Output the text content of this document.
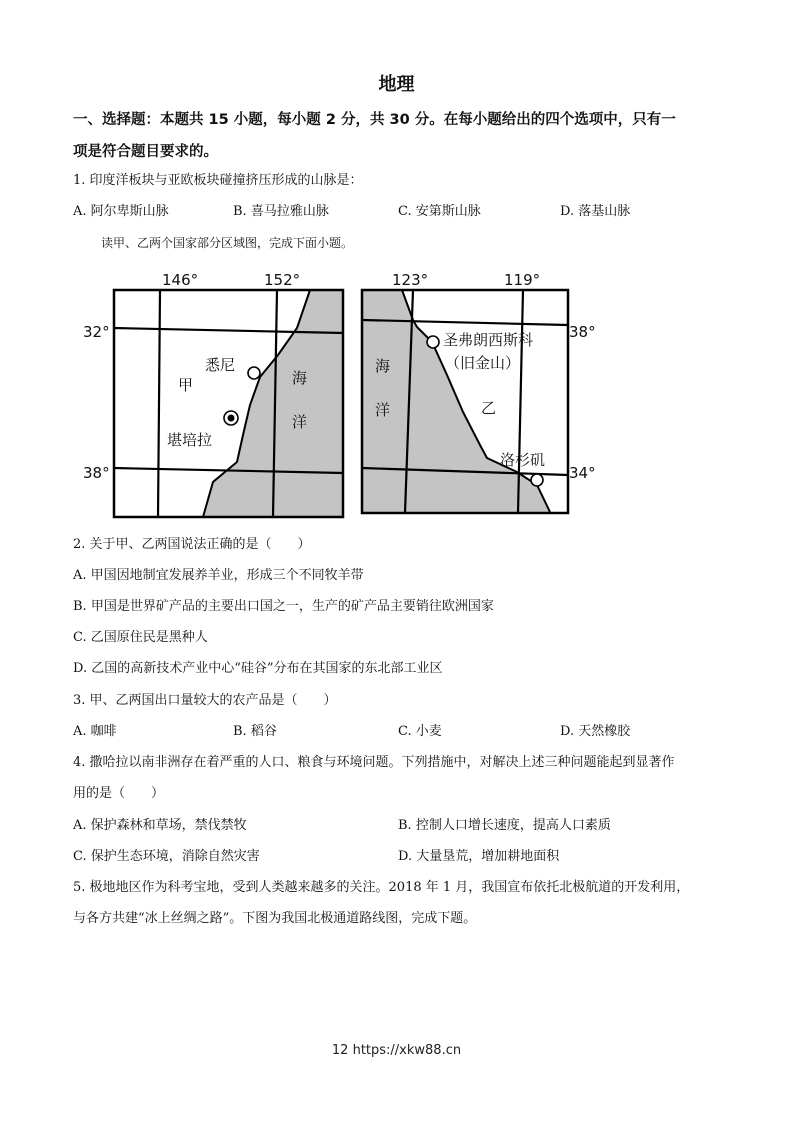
地理
一、选择题：本题共 15 小题，每小题 2 分，共 30 分。在每小题给出的四个选项中，只有一
项是符合题目要求的。
1. 印度洋板块与亚欧板块碰撞挤压形成的山脉是：
A. 阿尔卑斯山脉	B. 喜马拉雅山脉	C. 安第斯山脉	D. 落基山脉
读甲、乙两个国家部分区域图，完成下面小题。
146°	152°
32°
38°
甲
悉尼
堪培拉
海
洋
123°	119°
38°
34°
圣弗朗西斯科
（旧金山）
洛杉矶
乙
海
洋
2. 关于甲、乙两国说法正确的是（　　）
A. 甲国因地制宜发展养羊业，形成三个不同牧羊带
B. 甲国是世界矿产品的主要出口国之一，生产的矿产品主要销往欧洲国家
C. 乙国原住民是黑种人
D. 乙国的高新技术产业中心“硅谷”分布在其国家的东北部工业区
3. 甲、乙两国出口量较大的农产品是（　　）
A. 咖啡	B. 稻谷	C. 小麦	D. 天然橡胶
4. 撒哈拉以南非洲存在着严重的人口、粮食与环境问题。下列措施中，对解决上述三种问题能起到显著作
用的是（　　）
A. 保护森林和草场，禁伐禁牧	B. 控制人口增长速度，提高人口素质
C. 保护生态环境，消除自然灾害	D. 大量垦荒，增加耕地面积
5. 极地地区作为科考宝地，受到人类越来越多的关注。2018 年 1 月，我国宣布依托北极航道的开发利用，
与各方共建“冰上丝绸之路”。下图为我国北极通道路线图，完成下题。
12 https://xkw88.cn
